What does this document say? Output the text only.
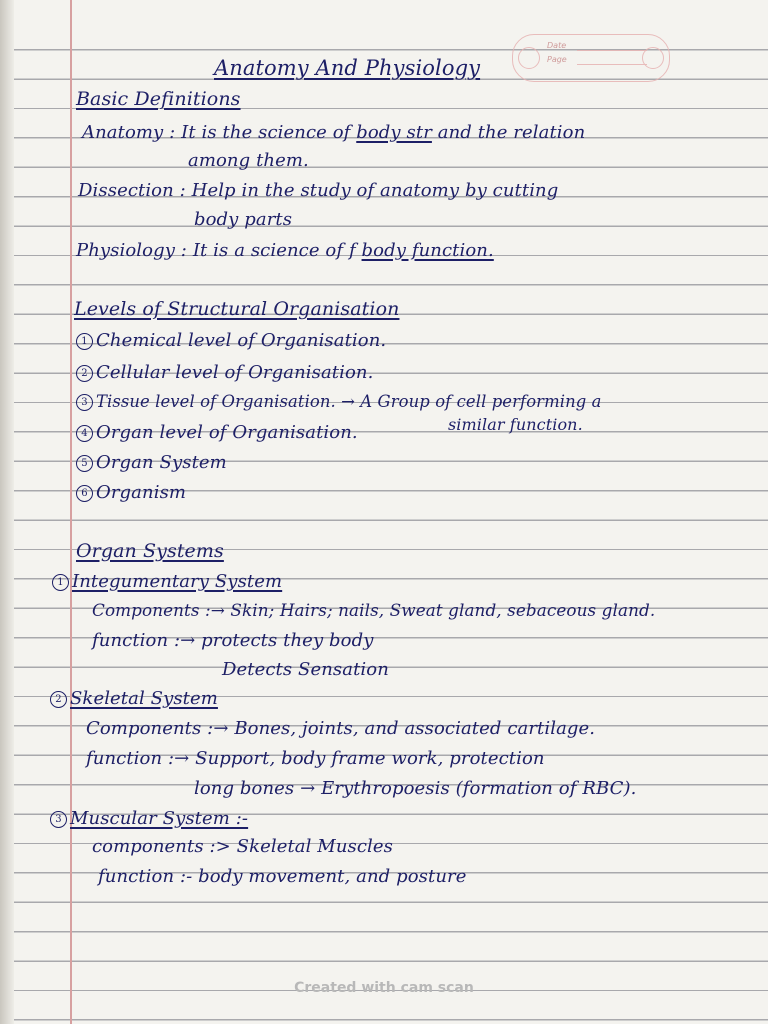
Date
Page

Anatomy And Physiology

Basic Definitions

Anatomy : It is the science of body str and the relation

among them.

Dissection : Help in the study of anatomy by cutting

body parts

Physiology : It is a science of f body function.

Levels of Structural Organisation

1 Chemical level of Organisation.

2 Cellular level of Organisation.

3 Tissue level of Organisation. → A Group of cell performing a

4 Organ level of Organisation.	similar function.

5 Organ System

6 Organism

Organ Systems

1 Integumentary System

Components :→ Skin; Hairs; nails, Sweat gland, sebaceous gland.

function :→ protects they body

Detects Sensation

2 Skeletal System

Components :→ Bones, joints, and associated cartilage.

function :→ Support, body frame work, protection

long bones → Erythropoesis (formation of RBC).

3 Muscular System :-

components :> Skeletal Muscles

function :- body movement, and posture

Created with cam scan
